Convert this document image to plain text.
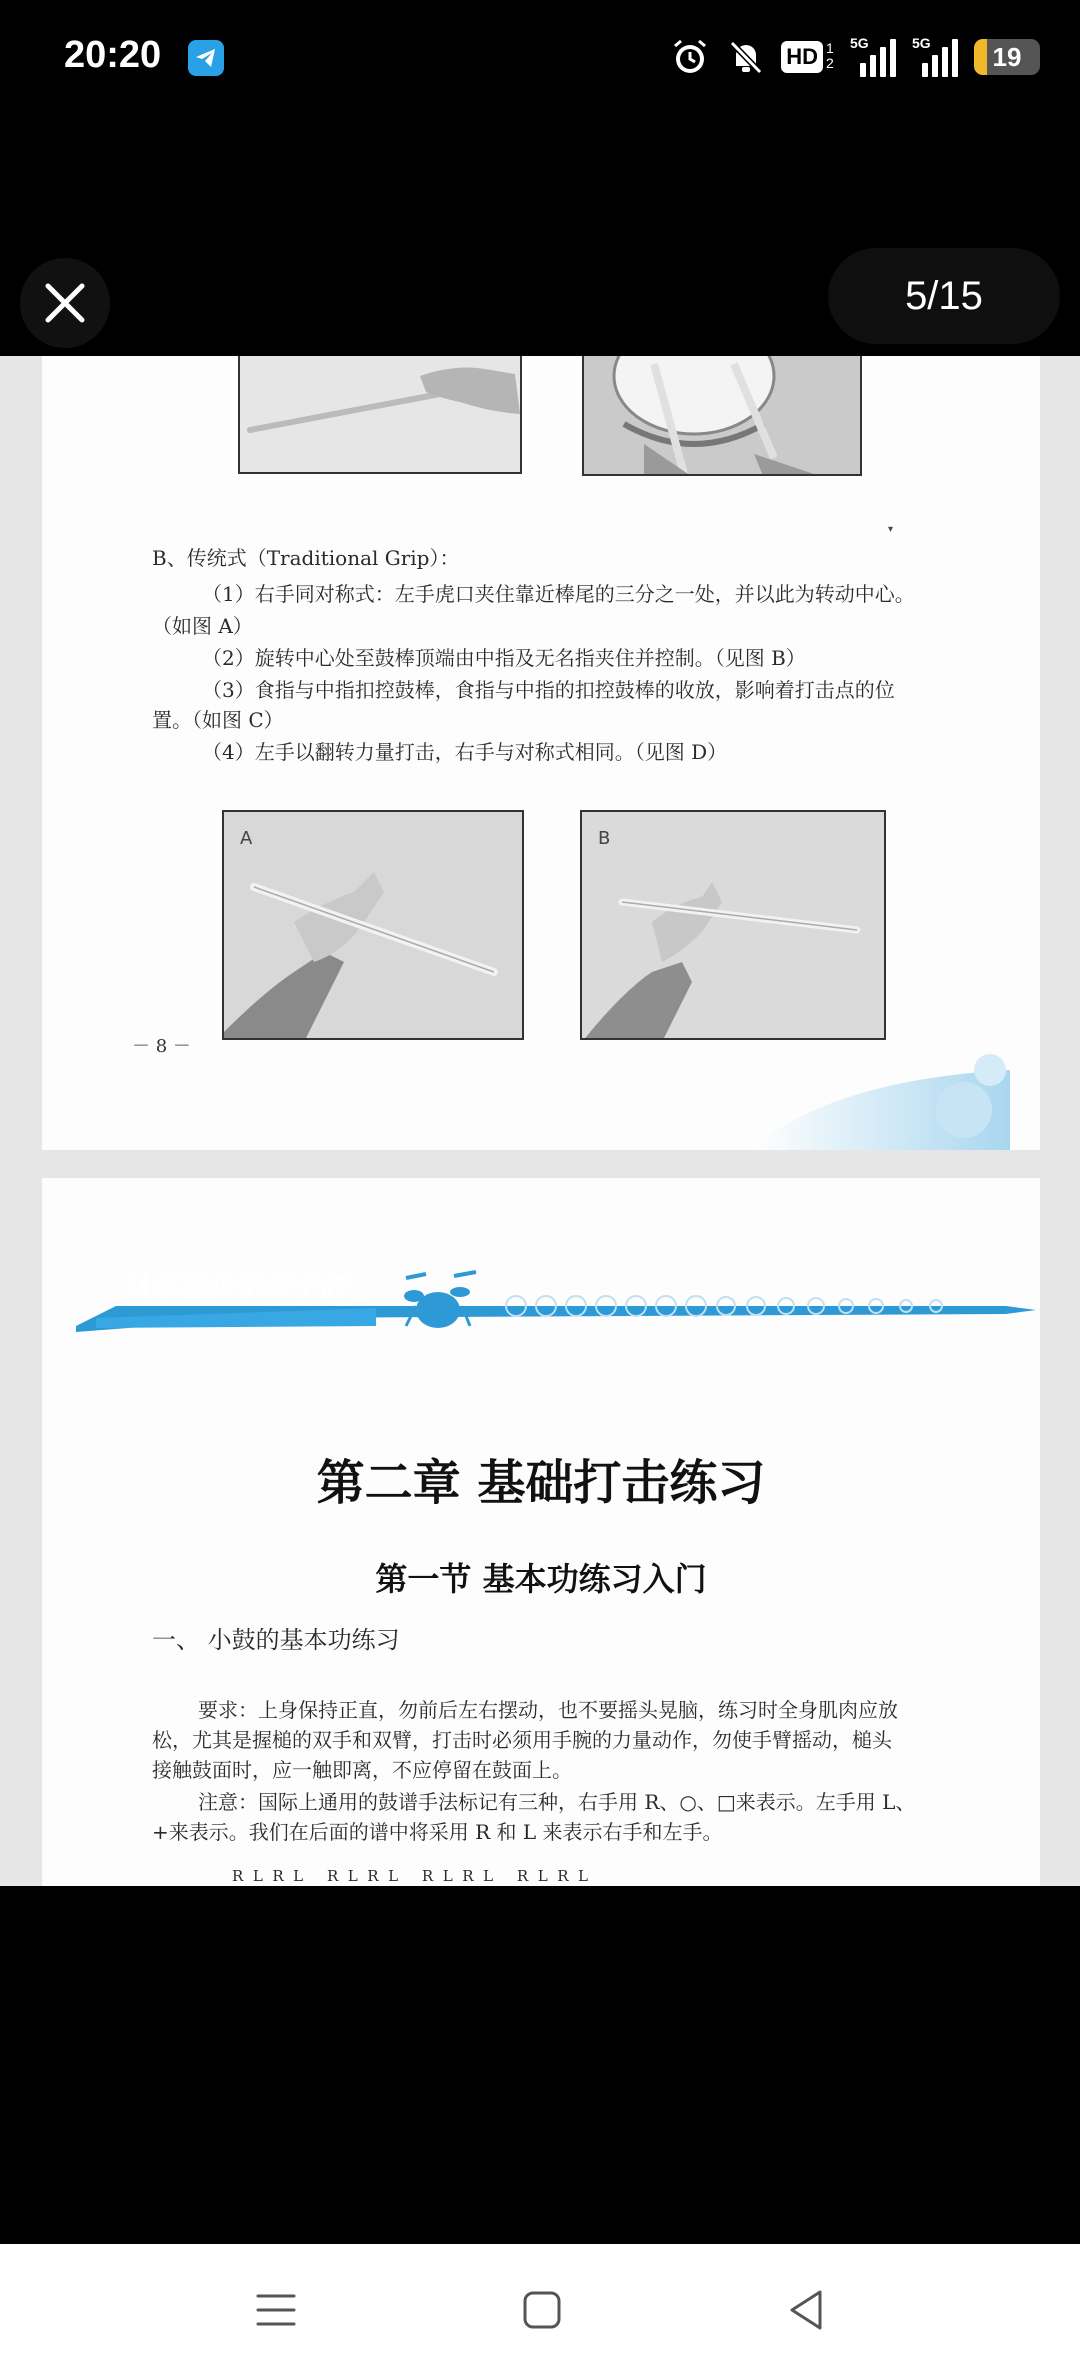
20:20	HD 1 2
5G	5G 19
5/15
▾
B、传统式（Traditional Grip）：
（1）右手同对称式：左手虎口夹住靠近棒尾的三分之一处，并以此为转动中心。
（如图 A）
（2）旋转中心处至鼓棒顶端由中指及无名指夹住并控制。（见图 B）
（3）食指与中指扣控鼓棒，食指与中指的扣控鼓棒的收放，影响着打击点的位
置。（如图 C）
（4）左手以翻转力量打击，右手与对称式相同。（见图 D）
A	B
－ 8 －
从零起步学架子鼓
第二章 基础打击练习
第一节 基本功练习入门
一、 小鼓的基本功练习
要求：上身保持正直，勿前后左右摆动，也不要摇头晃脑，练习时全身肌肉应放
松，尤其是握槌的双手和双臂，打击时必须用手腕的力量动作，勿使手臂摇动，槌头
接触鼓面时，应一触即离，不应停留在鼓面上。
注意：国际上通用的鼓谱手法标记有三种，右手用 R、○、□来表示。左手用 L、
+来表示。我们在后面的谱中将采用 R 和 L 来表示右手和左手。
R  L  R  L     R  L  R  L     R  L  R  L     R  L  R  L
